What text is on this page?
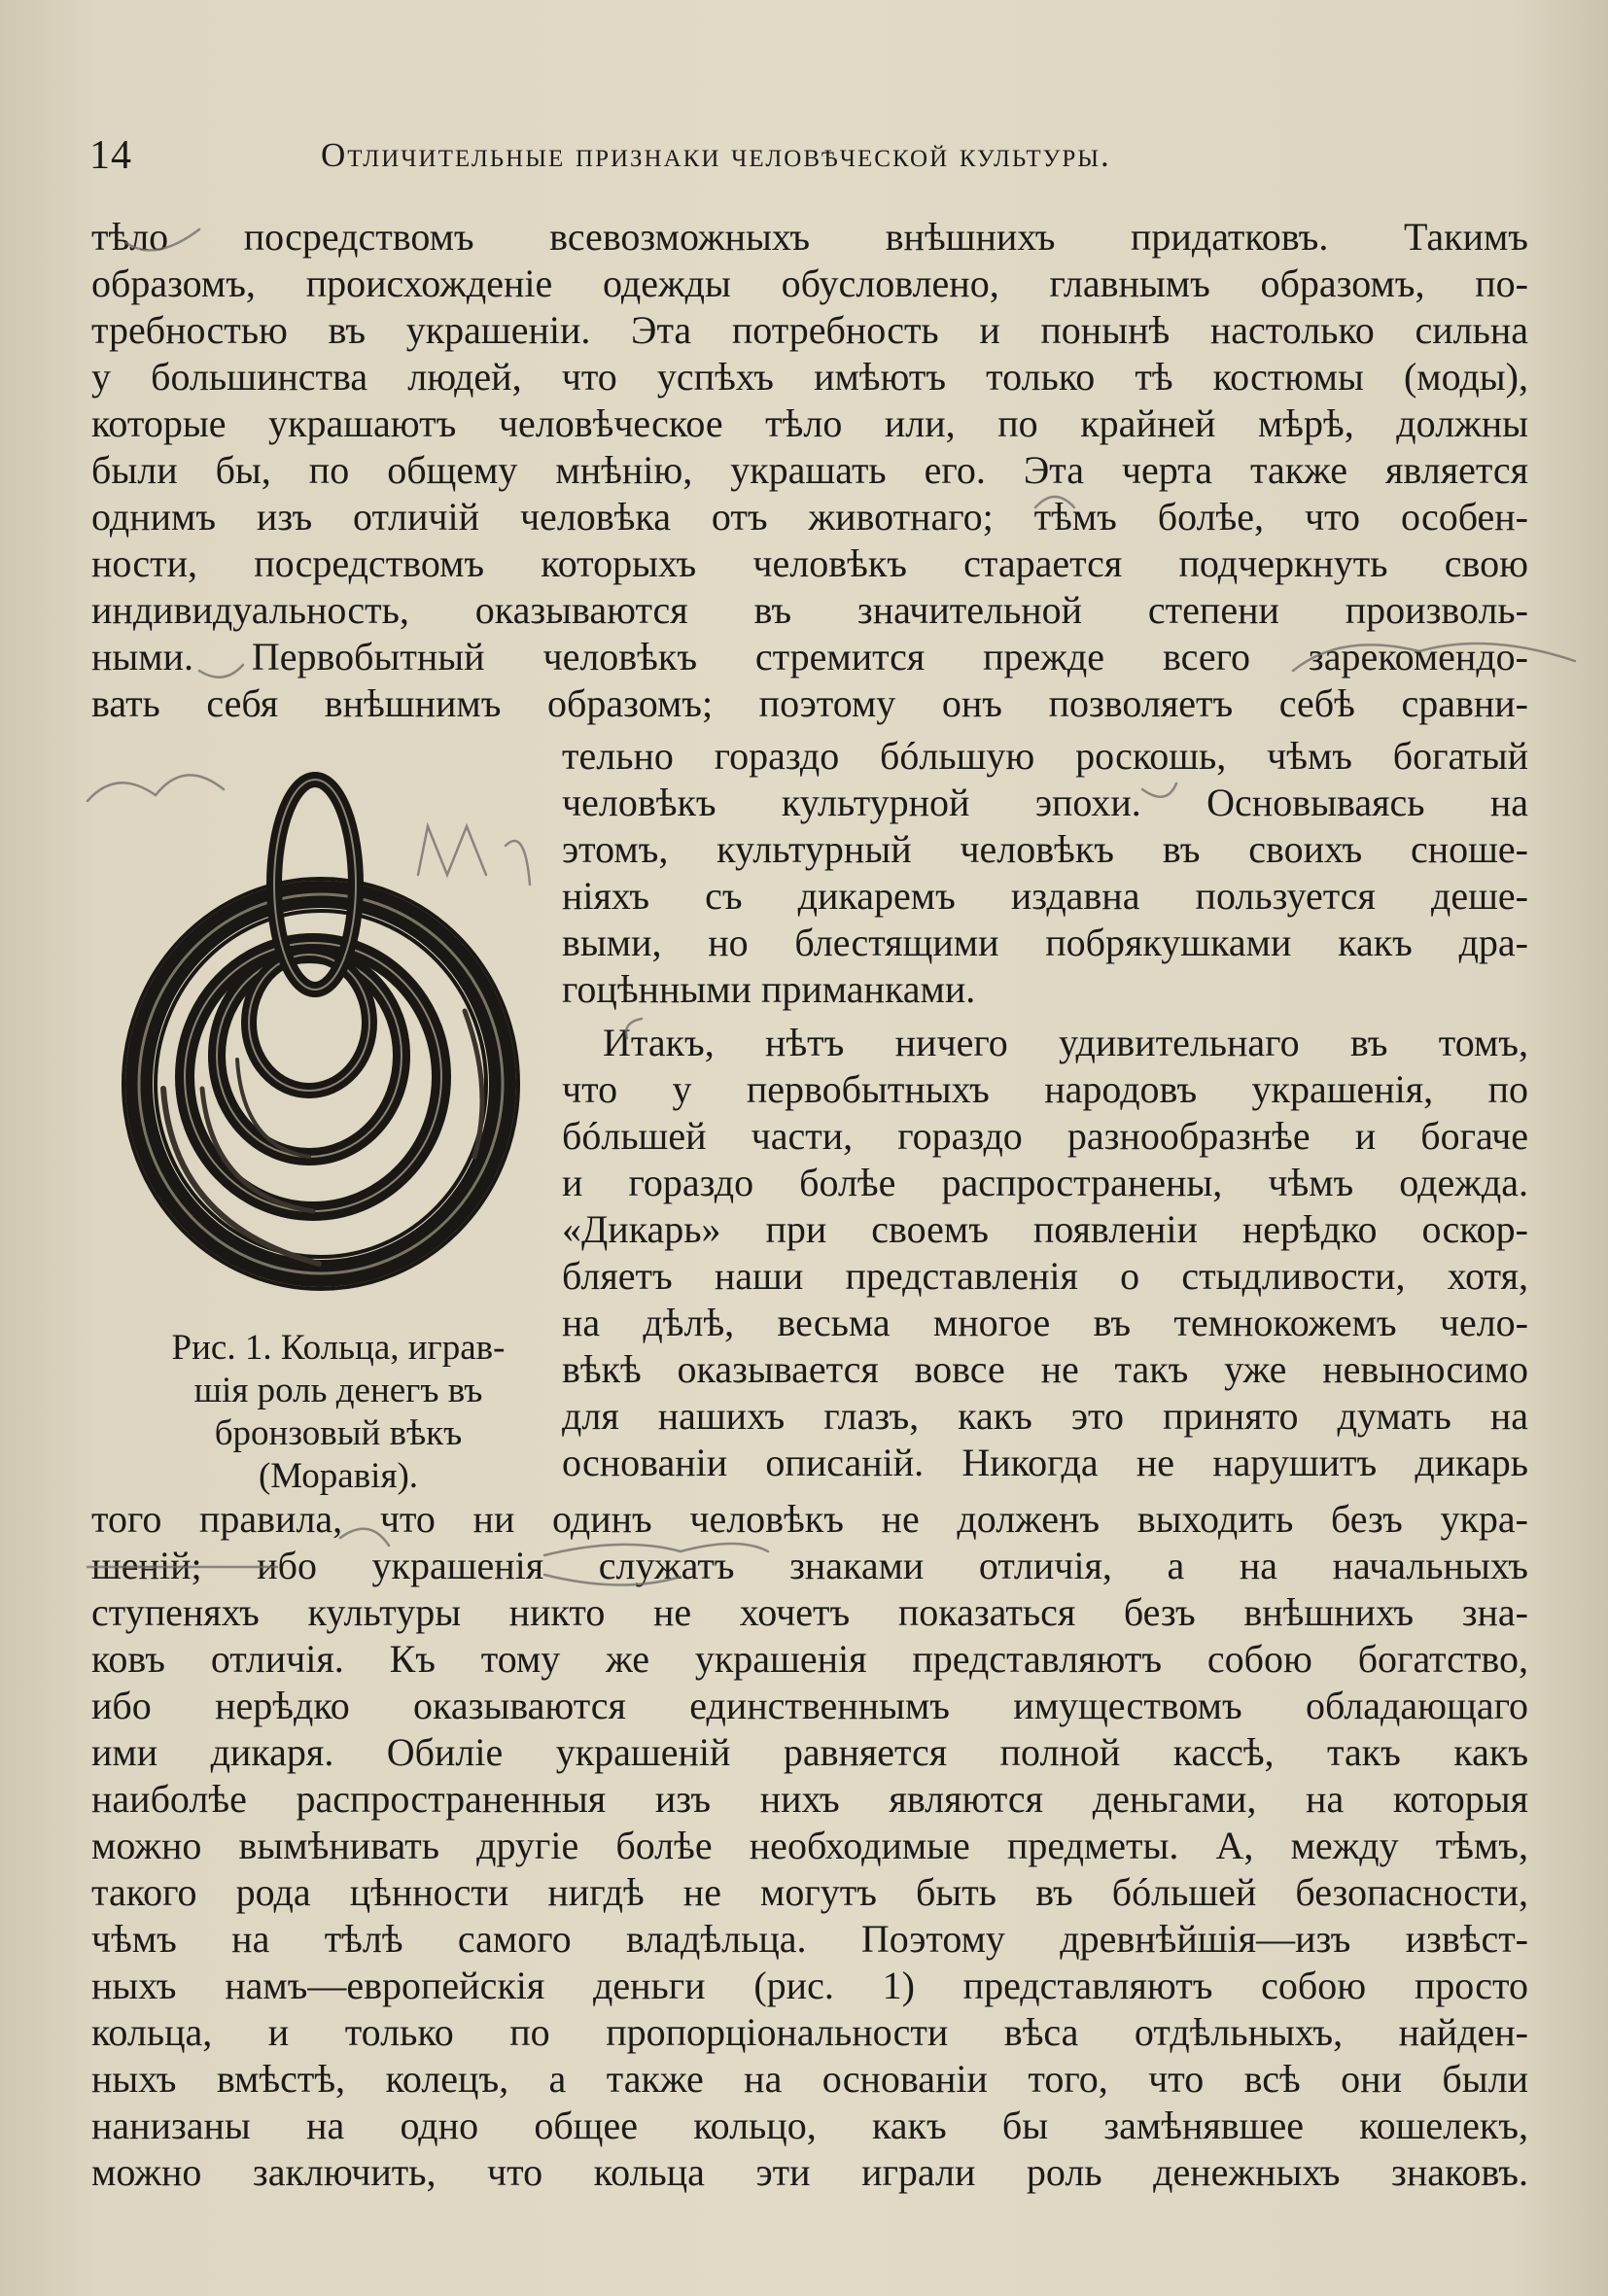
14	Отличительные признаки человѣческой культуры.
тѣло посредствомъ всевозможныхъ внѣшнихъ придатковъ. Такимъ
образомъ, происхожденіе одежды обусловлено, главнымъ образомъ, по-
требностью въ украшеніи. Эта потребность и понынѣ настолько сильна
у большинства людей, что успѣхъ имѣютъ только тѣ костюмы (моды),
которые украшаютъ человѣческое тѣло или, по крайней мѣрѣ, должны
были бы, по общему мнѣнію, украшать его. Эта черта также является
однимъ изъ отличій человѣка отъ животнаго; тѣмъ болѣе, что особен-
ности, посредствомъ которыхъ человѣкъ старается подчеркнуть свою
индивидуальность, оказываются въ значительной степени произволь-
ными. Первобытный человѣкъ стремится прежде всего зарекомендо-
вать себя внѣшнимъ образомъ; поэтому онъ позволяетъ себѣ сравни-
тельно гораздо бóльшую роскошь, чѣмъ богатый
человѣкъ культурной эпохи. Основываясь на
этомъ, культурный человѣкъ въ своихъ сноше-
ніяхъ съ дикаремъ издавна пользуется деше-
выми, но блестящими побрякушками какъ дра-
гоцѣнными приманками.
Итакъ, нѣтъ ничего удивительнаго въ томъ,
что у первобытныхъ народовъ украшенія, по
бóльшей части, гораздо разнообразнѣе и богаче
и гораздо болѣе распространены, чѣмъ одежда.
«Дикарь» при своемъ появленіи нерѣдко оскор-
бляетъ наши представленія о стыдливости, хотя,
на дѣлѣ, весьма многое въ темнокожемъ чело-
вѣкѣ оказывается вовсе не такъ уже невыносимо
для нашихъ глазъ, какъ это принято думать на
основаніи описаній. Никогда не нарушитъ дикарь
Рис. 1. Кольца, играв-
шія роль денегъ въ
бронзовый вѣкъ
(Моравія).
того правила, что ни одинъ человѣкъ не долженъ выходить безъ укра-
шеній; ибо украшенія служатъ знаками отличія, а на начальныхъ
ступеняхъ культуры никто не хочетъ показаться безъ внѣшнихъ зна-
ковъ отличія. Къ тому же украшенія представляютъ собою богатство,
ибо нерѣдко оказываются единственнымъ имуществомъ обладающаго
ими дикаря. Обиліе украшеній равняется полной кассѣ, такъ какъ
наиболѣе распространенныя изъ нихъ являются деньгами, на которыя
можно вымѣнивать другіе болѣе необходимые предметы. А, между тѣмъ,
такого рода цѣнности нигдѣ не могутъ быть въ бóльшей безопасности,
чѣмъ на тѣлѣ самого владѣльца. Поэтому древнѣйшія—изъ извѣст-
ныхъ намъ—европейскія деньги (рис. 1) представляютъ собою просто
кольца, и только по пропорціональности вѣса отдѣльныхъ, найден-
ныхъ вмѣстѣ, колецъ, а также на основаніи того, что всѣ они были
нанизаны на одно общее кольцо, какъ бы замѣнявшее кошелекъ,
можно заключить, что кольца эти играли роль денежныхъ знаковъ.
